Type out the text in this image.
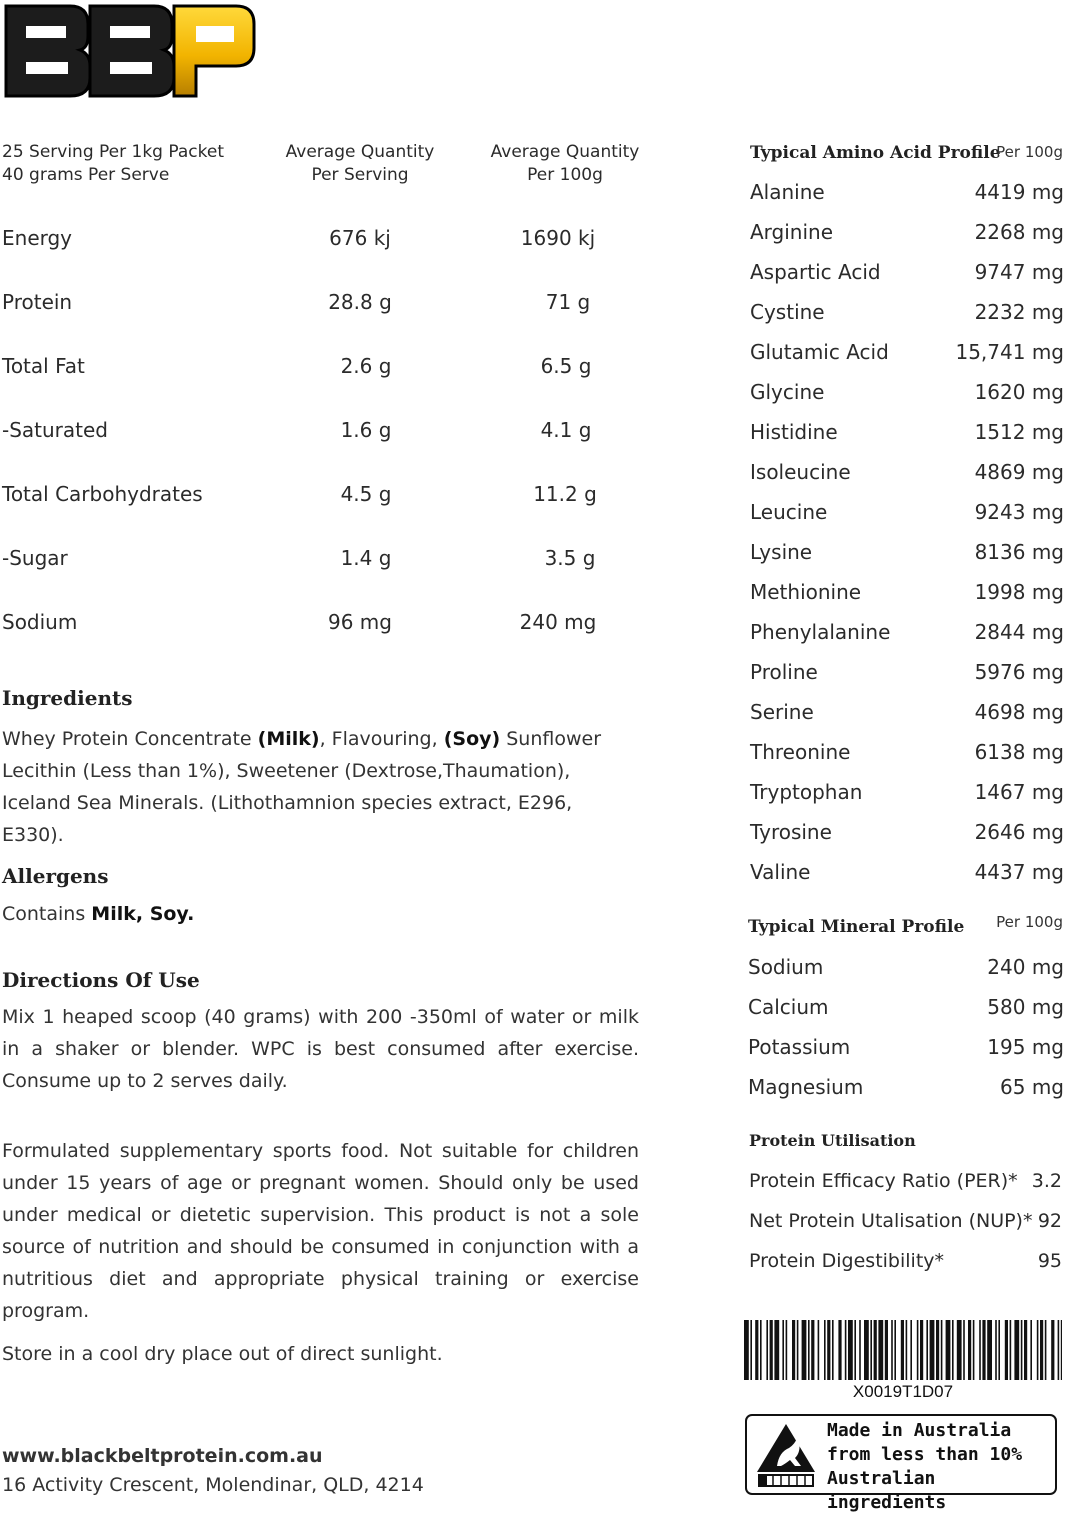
25 Serving Per 1kg Packet
40 grams Per Serve
Average Quantity
Per Serving
Average Quantity
Per 100g
Energy	676 kj	1690 kj
Protein	28.8 g	71 g
Total Fat	2.6 g	6.5 g
-Saturated	1.6 g	4.1 g
Total Carbohydrates	4.5 g	11.2 g
-Sugar	1.4 g	3.5 g
Sodium	96 mg	240 mg
Ingredients
Whey Protein Concentrate (Milk), Flavouring, (Soy) Sunflower Lecithin (Less than 1%), Sweetener (Dextrose,Thaumation), Iceland Sea Minerals. (Lithothamnion species extract, E296, E330).
Allergens
Contains Milk, Soy.
Directions Of Use
Mix 1 heaped scoop (40 grams) with 200 -350ml of water or milk in a shaker or blender. WPC is best consumed after exercise. Consume up to 2 serves daily.
Formulated supplementary sports food. Not suitable for children under 15 years of age or pregnant women. Should only be used under medical or dietetic supervision. This product is not a sole source of nutrition and should be consumed in conjunction with a nutritious diet and appropriate physical training or exercise program.
Store in a cool dry place out of direct sunlight.
www.blackbeltprotein.com.au
16 Activity Crescent, Molendinar, QLD, 4214
Typical Amino Acid Profile
Per 100g
Alanine	4419 mg
Arginine	2268 mg
Aspartic Acid	9747 mg
Cystine	2232 mg
Glutamic Acid	15,741 mg
Glycine	1620 mg
Histidine	1512 mg
Isoleucine	4869 mg
Leucine	9243 mg
Lysine	8136 mg
Methionine	1998 mg
Phenylalanine	2844 mg
Proline	5976 mg
Serine	4698 mg
Threonine	6138 mg
Tryptophan	1467 mg
Tyrosine	2646 mg
Valine	4437 mg
Typical Mineral Profile Per 100g
Sodium	240 mg
Calcium	580 mg
Potassium	195 mg
Magnesium	65 mg
Protein Utilisation
Protein Efficacy Ratio (PER)* 3.2
Net Protein Utalisation (NUP)* 92
Protein Digestibility*	95
X0019T1D07
Made in Australia
from less than 10%
Australian ingredients
